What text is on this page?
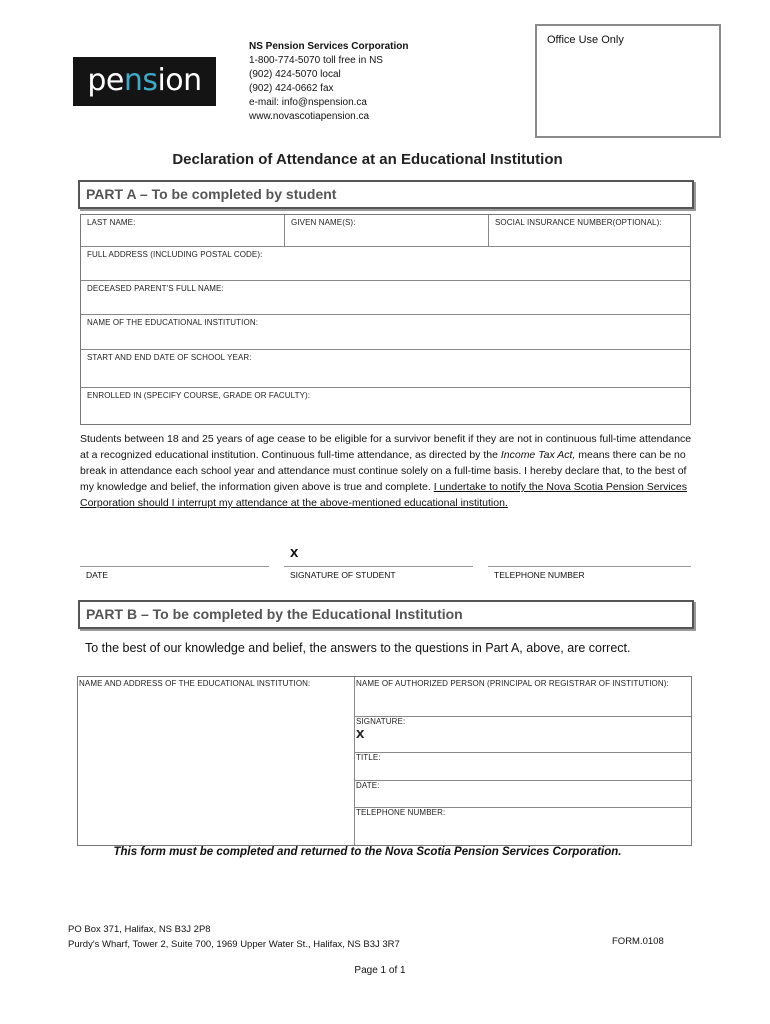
pension
NS Pension Services Corporation
1-800-774-5070 toll free in NS
(902) 424-5070 local
(902) 424-0662 fax
e-mail: info@nspension.ca
www.novascotiapension.ca
Office Use Only
Declaration of Attendance at an Educational Institution
PART A – To be completed by student
LAST NAME:	GIVEN NAME(S):	SOCIAL INSURANCE NUMBER(OPTIONAL):
FULL ADDRESS (INCLUDING POSTAL CODE):
DECEASED PARENT'S FULL NAME:
NAME OF THE EDUCATIONAL INSTITUTION:
START AND END DATE OF SCHOOL YEAR:
ENROLLED IN (SPECIFY COURSE, GRADE OR FACULTY):
Students between 18 and 25 years of age cease to be eligible for a survivor benefit if they are not in continuous full-time attendance at a recognized educational institution. Continuous full-time attendance, as directed by the Income Tax Act, means there can be no break in attendance each school year and attendance must continue solely on a full-time basis. I hereby declare that, to the best of my knowledge and belief, the information given above is true and complete. I undertake to notify the Nova Scotia Pension Services Corporation should I interrupt my attendance at the above-mentioned educational institution.
x
DATE	SIGNATURE OF STUDENT	TELEPHONE NUMBER
PART B – To be completed by the Educational Institution
To the best of our knowledge and belief, the answers to the questions in Part A, above, are correct.
NAME AND ADDRESS OF THE EDUCATIONAL INSTITUTION:	NAME OF AUTHORIZED PERSON (PRINCIPAL OR REGISTRAR OF INSTITUTION):
SIGNATURE:
x
TITLE:
DATE:
TELEPHONE NUMBER:
This form must be completed and returned to the Nova Scotia Pension Services Corporation.
PO Box 371, Halifax, NS B3J 2P8
Purdy's Wharf, Tower 2, Suite 700, 1969 Upper Water St., Halifax, NS B3J 3R7	FORM.0108
Page 1 of 1
